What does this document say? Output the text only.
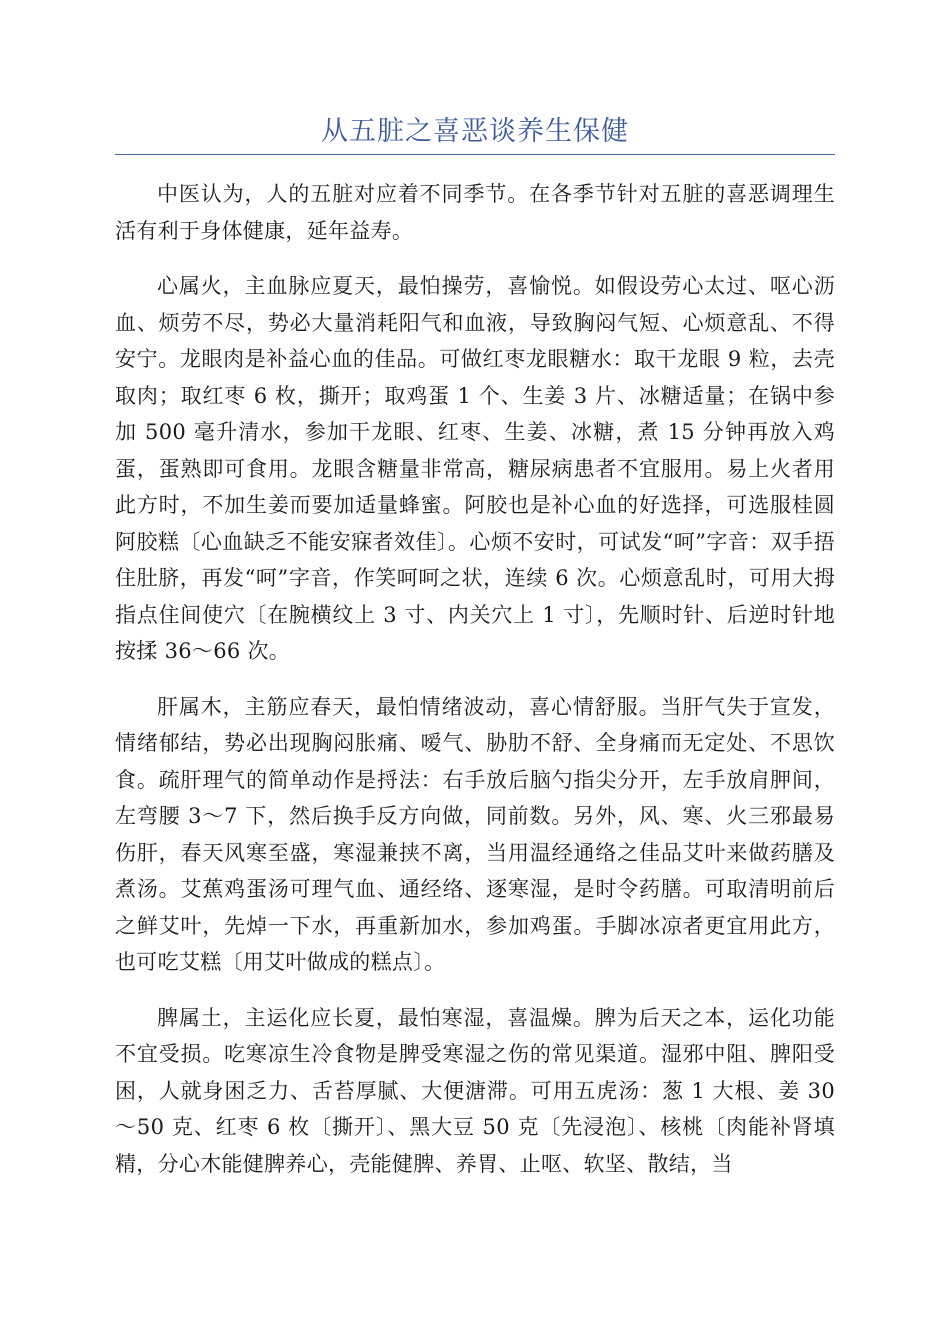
从五脏之喜恶谈养生保健

中医认为，人的五脏对应着不同季节。在各季节针对五脏的喜恶调理生活有利于身体健康，延年益寿。

心属火，主血脉应夏天，最怕操劳，喜愉悦。如假设劳心太过、呕心沥血、烦劳不尽，势必大量消耗阳气和血液，导致胸闷气短、心烦意乱、不得安宁。龙眼肉是补益心血的佳品。可做红枣龙眼糖水：取干龙眼 9 粒，去壳取肉；取红枣 6 枚，撕开；取鸡蛋 1 个、生姜 3 片、冰糖适量；在锅中参加 500 毫升清水，参加干龙眼、红枣、生姜、冰糖，煮 15 分钟再放入鸡蛋，蛋熟即可食用。龙眼含糖量非常高，糖尿病患者不宜服用。易上火者用此方时，不加生姜而要加适量蜂蜜。阿胶也是补心血的好选择，可选服桂圆阿胶糕〔心血缺乏不能安寐者效佳〕。心烦不安时，可试发“呵”字音：双手捂住肚脐，再发“呵”字音，作笑呵呵之状，连续 6 次。心烦意乱时，可用大拇指点住间使穴〔在腕横纹上 3 寸、内关穴上 1 寸〕，先顺时针、后逆时针地按揉 36～66 次。

肝属木，主筋应春天，最怕情绪波动，喜心情舒服。当肝气失于宣发，情绪郁结，势必出现胸闷胀痛、嗳气、胁肋不舒、全身痛而无定处、不思饮食。疏肝理气的简单动作是捋法：右手放后脑勺指尖分开，左手放肩胛间，左弯腰 3～7 下，然后换手反方向做，同前数。另外，风、寒、火三邪最易伤肝，春天风寒至盛，寒湿兼挟不离，当用温经通络之佳品艾叶来做药膳及煮汤。艾蕉鸡蛋汤可理气血、通经络、逐寒湿，是时令药膳。可取清明前后之鲜艾叶，先焯一下水，再重新加水，参加鸡蛋。手脚冰凉者更宜用此方，也可吃艾糕〔用艾叶做成的糕点〕。

脾属土，主运化应长夏，最怕寒湿，喜温燥。脾为后天之本，运化功能不宜受损。吃寒凉生冷食物是脾受寒湿之伤的常见渠道。湿邪中阻、脾阳受困，人就身困乏力、舌苔厚腻、大便溏滞。可用五虎汤：葱 1 大根、姜 30～50 克、红枣 6 枚〔撕开〕、黑大豆 50 克〔先浸泡〕、核桃〔肉能补肾填精，分心木能健脾养心，壳能健脾、养胃、止呕、软坚、散结，当
